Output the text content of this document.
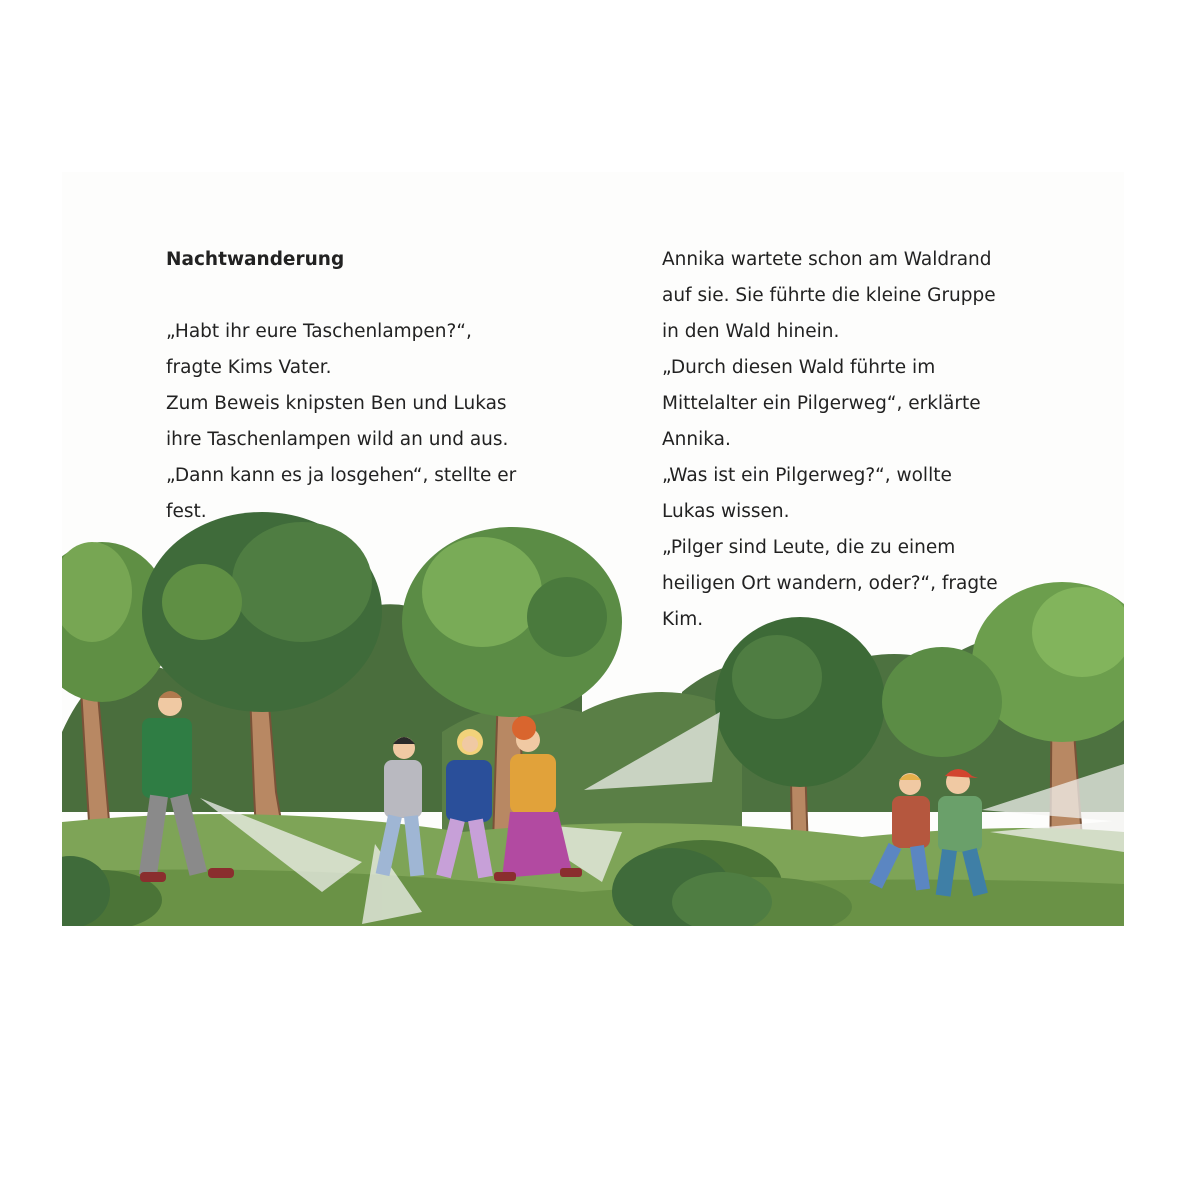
Nachtwanderung

„Habt ihr eure Taschenlampen?“,

fragte Kims Vater.

Zum Beweis knipsten Ben und Lukas

ihre Taschenlampen wild an und aus.

„Dann kann es ja losgehen“, stellte er

fest.

Annika wartete schon am Waldrand

auf sie. Sie führte die kleine Gruppe

in den Wald hinein.

„Durch diesen Wald führte im

Mittelalter ein Pilgerweg“, erklärte

Annika.

„Was ist ein Pilgerweg?“, wollte

Lukas wissen.

„Pilger sind Leute, die zu einem

heiligen Ort wandern, oder?“, fragte

Kim.
